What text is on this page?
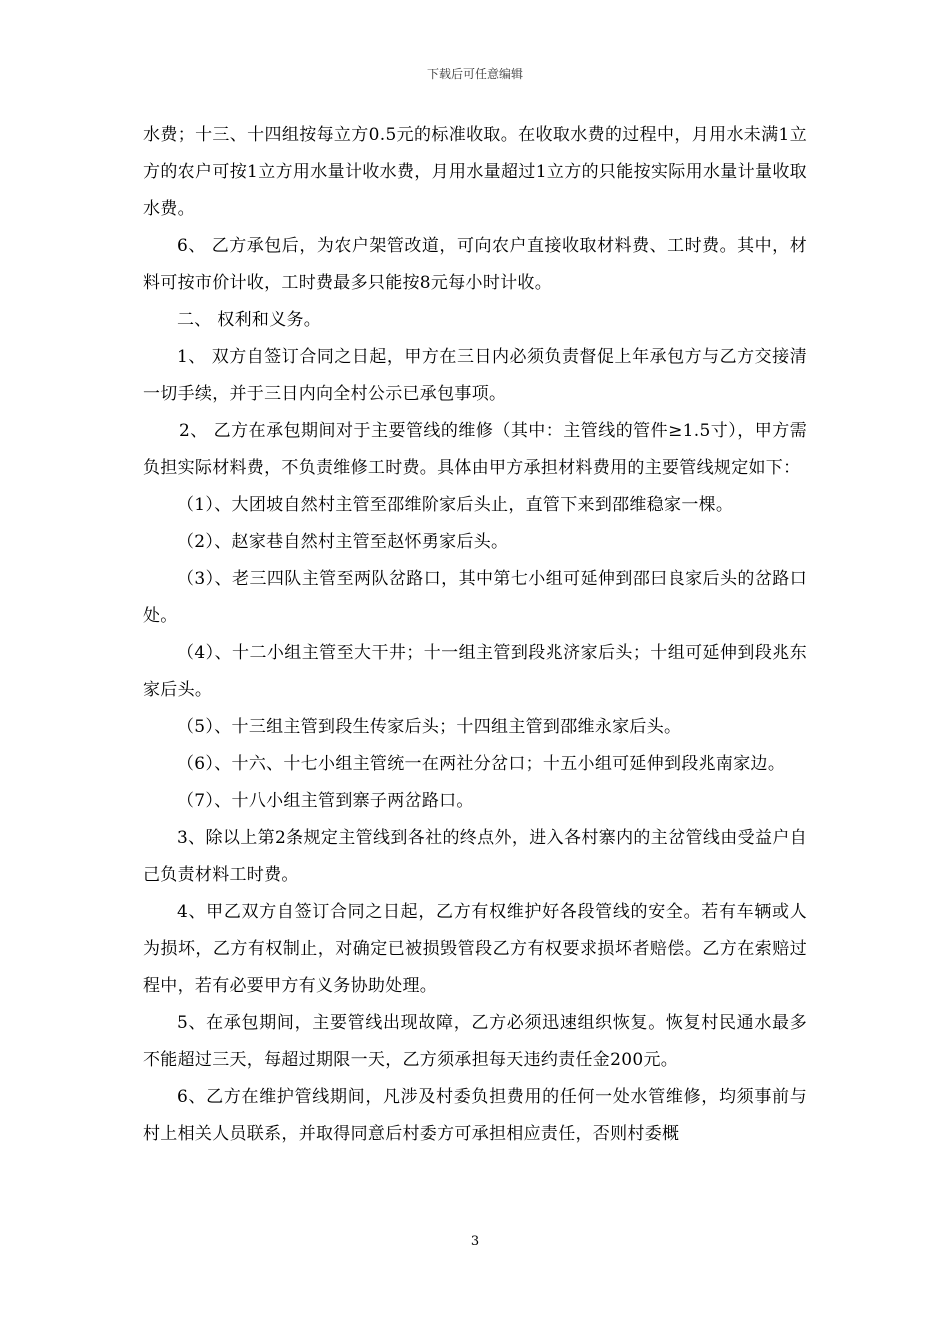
下载后可任意编辑

水费；十三、十四组按每立方0.5元的标准收取。在收取水费的过程中，月用水未满1立方的农户可按1立方用水量计收水费，月用水量超过1立方的只能按实际用水量计量收取水费。

6、 乙方承包后，为农户架管改道，可向农户直接收取材料费、工时费。其中，材料可按市价计收，工时费最多只能按8元每小时计收。

二、 权利和义务。

1、 双方自签订合同之日起，甲方在三日内必须负责督促上年承包方与乙方交接清一切手续，并于三日内向全村公示已承包事项。

2、 乙方在承包期间对于主要管线的维修（其中：主管线的管件≥1.5寸），甲方需负担实际材料费，不负责维修工时费。具体由甲方承担材料费用的主要管线规定如下：

（1）、大团坡自然村主管至邵维阶家后头止，直管下来到邵维稳家一棵。

（2）、赵家巷自然村主管至赵怀勇家后头。

（3）、老三四队主管至两队岔路口，其中第七小组可延伸到邵曰良家后头的岔路口处。

（4）、十二小组主管至大干井；十一组主管到段兆济家后头；十组可延伸到段兆东家后头。

（5）、十三组主管到段生传家后头；十四组主管到邵维永家后头。

（6）、十六、十七小组主管统一在两社分岔口；十五小组可延伸到段兆南家边。

（7）、十八小组主管到寨子两岔路口。

3、除以上第2条规定主管线到各社的终点外，进入各村寨内的主岔管线由受益户自己负责材料工时费。

4、甲乙双方自签订合同之日起，乙方有权维护好各段管线的安全。若有车辆或人为损坏，乙方有权制止，对确定已被损毁管段乙方有权要求损坏者赔偿。乙方在索赔过程中，若有必要甲方有义务协助处理。

5、在承包期间，主要管线出现故障，乙方必须迅速组织恢复。恢复村民通水最多不能超过三天，每超过期限一天，乙方须承担每天违约责任金200元。

6、乙方在维护管线期间，凡涉及村委负担费用的任何一处水管维修，均须事前与村上相关人员联系，并取得同意后村委方可承担相应责任，否则村委概

3
